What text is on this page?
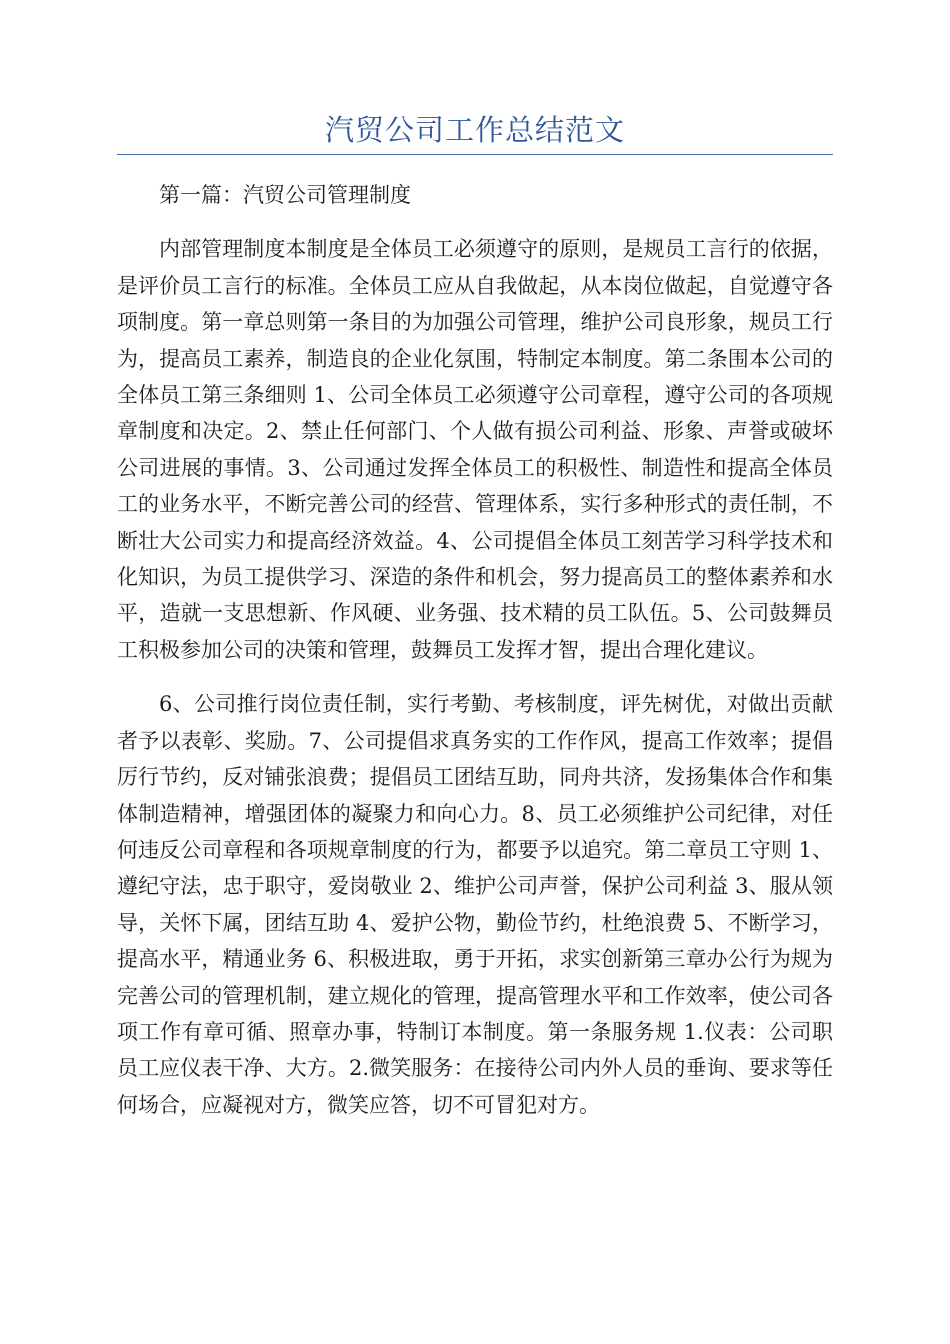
汽贸公司工作总结范文

第一篇：汽贸公司管理制度

内部管理制度本制度是全体员工必须遵守的原则，是规员工言行的依据，是评价员工言行的标准。全体员工应从自我做起，从本岗位做起，自觉遵守各项制度。第一章总则第一条目的为加强公司管理，维护公司良形象，规员工行为，提高员工素养，制造良的企业化氛围，特制定本制度。第二条围本公司的全体员工第三条细则 1、公司全体员工必须遵守公司章程，遵守公司的各项规章制度和决定。2、禁止任何部门、个人做有损公司利益、形象、声誉或破坏公司进展的事情。3、公司通过发挥全体员工的积极性、制造性和提高全体员工的业务水平，不断完善公司的经营、管理体系，实行多种形式的责任制，不断壮大公司实力和提高经济效益。4、公司提倡全体员工刻苦学习科学技术和化知识，为员工提供学习、深造的条件和机会，努力提高员工的整体素养和水平，造就一支思想新、作风硬、业务强、技术精的员工队伍。5、公司鼓舞员工积极参加公司的决策和管理，鼓舞员工发挥才智，提出合理化建议。

6、公司推行岗位责任制，实行考勤、考核制度，评先树优，对做出贡献者予以表彰、奖励。7、公司提倡求真务实的工作作风，提高工作效率；提倡厉行节约，反对铺张浪费；提倡员工团结互助，同舟共济，发扬集体合作和集体制造精神，增强团体的凝聚力和向心力。8、员工必须维护公司纪律，对任何违反公司章程和各项规章制度的行为，都要予以追究。第二章员工守则 1、遵纪守法，忠于职守，爱岗敬业 2、维护公司声誉，保护公司利益 3、服从领导，关怀下属，团结互助 4、爱护公物，勤俭节约，杜绝浪费 5、不断学习，提高水平，精通业务 6、积极进取，勇于开拓，求实创新第三章办公行为规为完善公司的管理机制，建立规化的管理，提高管理水平和工作效率，使公司各项工作有章可循、照章办事，特制订本制度。第一条服务规 1.仪表：公司职员工应仪表干净、大方。2.微笑服务：在接待公司内外人员的垂询、要求等任何场合，应凝视对方，微笑应答，切不可冒犯对方。
